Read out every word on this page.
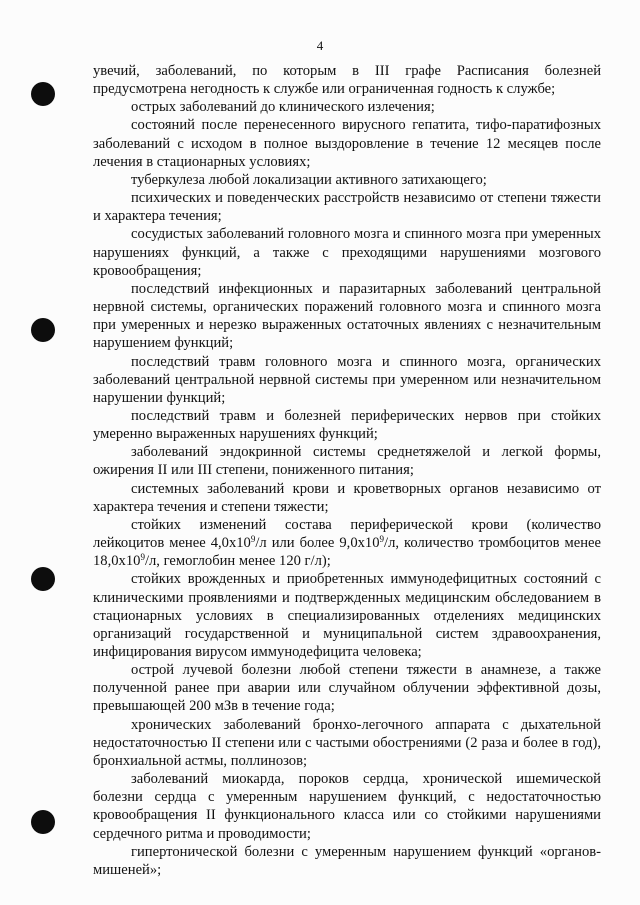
4

увечий, заболеваний, по которым в III графе Расписания болезней предусмотрена негодность к службе или ограниченная годность к службе;

острых заболеваний до клинического излечения;

состояний после перенесенного вирусного гепатита, тифо-паратифозных заболеваний с исходом в полное выздоровление в течение 12 месяцев после лечения в стационарных условиях;

туберкулеза любой локализации активного затихающего;

психических и поведенческих расстройств независимо от степени тяжести и характера течения;

сосудистых заболеваний головного мозга и спинного мозга при умеренных нарушениях функций, а также с преходящими нарушениями мозгового кровообращения;

последствий инфекционных и паразитарных заболеваний центральной нервной системы, органических поражений головного мозга и спинного мозга при умеренных и нерезко выраженных остаточных явлениях с незначительным нарушением функций;

последствий травм головного мозга и спинного мозга, органических заболеваний центральной нервной системы при умеренном или незначительном нарушении функций;

последствий травм и болезней периферических нервов при стойких умеренно выраженных нарушениях функций;

заболеваний эндокринной системы среднетяжелой и легкой формы, ожирения II или III степени, пониженного питания;

системных заболеваний крови и кроветворных органов независимо от характера течения и степени тяжести;

стойких изменений состава периферической крови (количество лейкоцитов менее $4,0x10^9/л$ или более $9,0x10^9/л$, количество тромбоцитов менее $18,0x10^9/л$, гемоглобин менее 120 г/л);

стойких врожденных и приобретенных иммунодефицитных состояний с клиническими проявлениями и подтвержденных медицинским обследованием в стационарных условиях в специализированных отделениях медицинских организаций государственной и муниципальной систем здравоохранения, инфицирования вирусом иммунодефицита человека;

острой лучевой болезни любой степени тяжести в анамнезе, а также полученной ранее при аварии или случайном облучении эффективной дозы, превышающей 200 мЗв в течение года;

хронических заболеваний бронхо-легочного аппарата с дыхательной недостаточностью II степени или с частыми обострениями (2 раза и более в год), бронхиальной астмы, поллинозов;

заболеваний миокарда, пороков сердца, хронической ишемической болезни сердца с умеренным нарушением функций, с недостаточностью кровообращения II функционального класса или со стойкими нарушениями сердечного ритма и проводимости;

гипертонической болезни с умеренным нарушением функций «органов-мишеней»;
